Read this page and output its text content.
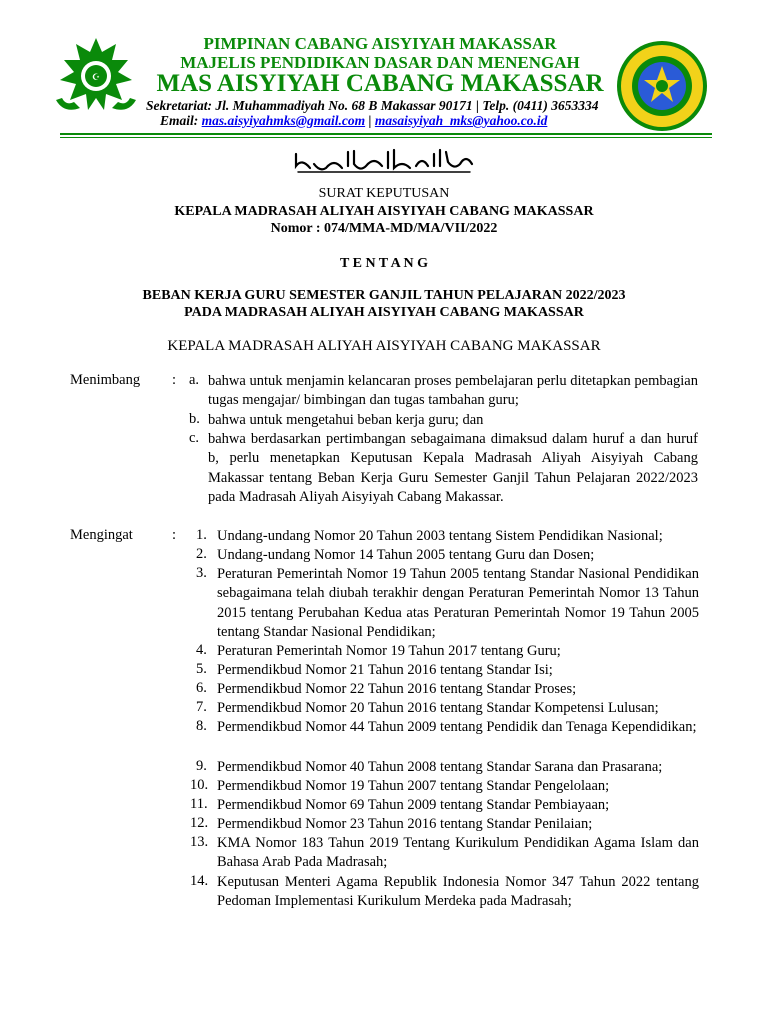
☪
PIMPINAN CABANG AISYIYAH MAKASSAR
MAJELIS PENDIDIKAN DASAR DAN MENENGAH
MAS AISYIYAH CABANG MAKASSAR
Sekretariat: Jl. Muhammadiyah No. 68 B Makassar 90171 | Telp. (0411) 3653334
Email: mas.aisyiyahmks@gmail.com | masaisyiyah_mks@yahoo.co.id
SURAT KEPUTUSAN
KEPALA MADRASAH ALIYAH AISYIYAH CABANG MAKASSAR
Nomor : 074/MMA-MD/MA/VII/2022
T E N T A N G
BEBAN KERJA GURU SEMESTER GANJIL TAHUN PELAJARAN 2022/2023
PADA MADRASAH ALIYAH AISYIYAH CABANG MAKASSAR
KEPALA MADRASAH ALIYAH AISYIYAH CABANG MAKASSAR
Menimbang : a. bahwa untuk menjamin kelancaran proses pembelajaran perlu ditetapkan pembagian tugas mengajar/ bimbingan dan tugas tambahan guru;
b. bahwa untuk mengetahui beban kerja guru; dan
c. bahwa berdasarkan pertimbangan sebagaimana dimaksud dalam huruf a dan huruf b, perlu menetapkan Keputusan Kepala Madrasah Aliyah Aisyiyah Cabang Makassar tentang Beban Kerja Guru Semester Ganjil Tahun Pelajaran 2022/2023 pada Madrasah Aliyah Aisyiyah Cabang Makassar.
Mengingat	: 1. Undang-undang Nomor 20 Tahun 2003 tentang Sistem Pendidikan Nasional;
2. Undang-undang Nomor 14 Tahun 2005 tentang Guru dan Dosen;
3. Peraturan Pemerintah Nomor 19 Tahun 2005 tentang Standar Nasional Pendidikan sebagaimana telah diubah terakhir dengan Peraturan Pemerintah Nomor 13 Tahun 2015 tentang Perubahan Kedua atas Peraturan Pemerintah Nomor 19 Tahun 2005 tentang Standar Nasional Pendidikan;
4. Peraturan Pemerintah Nomor 19 Tahun 2017 tentang Guru;
5. Permendikbud Nomor 21 Tahun 2016 tentang Standar Isi;
6. Permendikbud Nomor 22 Tahun 2016 tentang Standar Proses;
7. Permendikbud Nomor 20 Tahun 2016 tentang Standar Kompetensi Lulusan;
8. Permendikbud Nomor 44 Tahun 2009 tentang Pendidik dan Tenaga Kependidikan;
9. Permendikbud Nomor 40 Tahun 2008 tentang Standar Sarana dan Prasarana;
10. Permendikbud Nomor 19 Tahun 2007 tentang Standar Pengelolaan;
11. Permendikbud Nomor 69 Tahun 2009 tentang Standar Pembiayaan;
12. Permendikbud Nomor 23 Tahun 2016 tentang Standar Penilaian;
13. KMA Nomor 183 Tahun 2019 Tentang Kurikulum Pendidikan Agama Islam dan Bahasa Arab Pada Madrasah;
14. Keputusan Menteri Agama Republik Indonesia Nomor 347 Tahun 2022 tentang Pedoman Implementasi Kurikulum Merdeka pada Madrasah;
